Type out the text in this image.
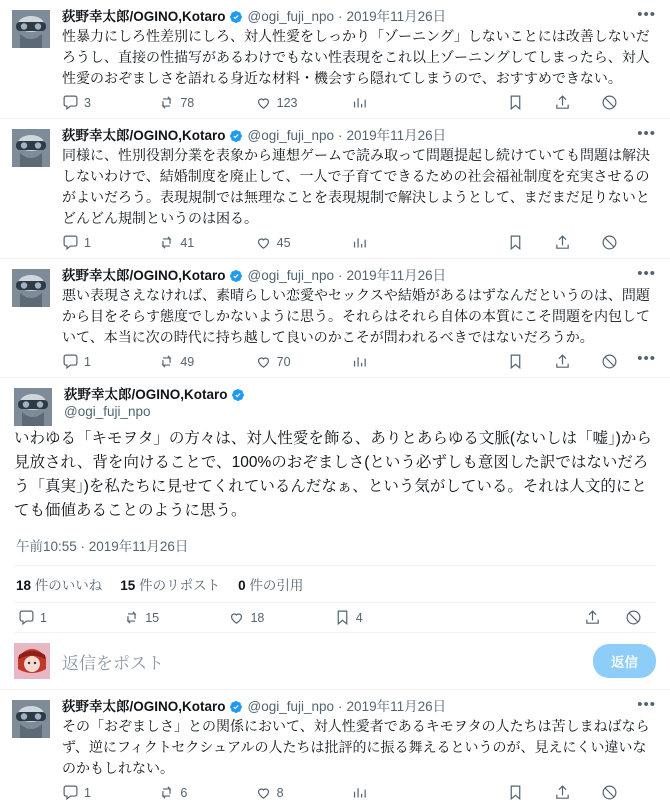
•••
荻野幸太郎/OGINO,Kotaro @ogi_fuji_npo · 2019年11月26日
性暴力にしろ性差別にしろ、対人性愛をしっかり「ゾーニング」しないことには改善しないだろうし、直接の性描写があるわけでもない性表現をこれ以上ゾーニングしてしまったら、対人性愛のおぞましさを語れる身近な材料・機会すら隠れてしまうので、おすすめできない。
3	78	123
•••
荻野幸太郎/OGINO,Kotaro @ogi_fuji_npo · 2019年11月26日
同様に、性別役割分業を表象から連想ゲームで読み取って問題提起し続けていても問題は解決しないわけで、結婚制度を廃止して、一人で子育てできるための社会福祉制度を充実させるのがよいだろう。表現規制では無理なことを表現規制で解決しようとして、まだまだ足りないとどんどん規制というのは困る。
1	41	45
•••
荻野幸太郎/OGINO,Kotaro @ogi_fuji_npo · 2019年11月26日
悪い表現さえなければ、素晴らしい恋愛やセックスや結婚があるはずなんだというのは、問題から目をそらす態度でしかないように思う。それらはそれら自体の本質にこそ問題を内包していて、本当に次の時代に持ち越して良いのかこそが問われるべきではないだろうか。
1	49	70	•••
荻野幸太郎/OGINO,Kotaro
@ogi_fuji_npo
いわゆる「キモヲタ」の方々は、対人性愛を飾る、ありとあらゆる文脈(ないしは「嘘」)から見放され、背を向けることで、100%のおぞましさ(という必ずしも意図した訳ではないだろう「真実」)を私たちに見せてくれているんだなぁ、という気がしている。それは人文的にとても価値あることのように思う。
午前10:55 · 2019年11月26日
18 件のいいね 15 件のリポスト 0 件の引用
1	15	18	4
返信をポスト	返信
•••
荻野幸太郎/OGINO,Kotaro @ogi_fuji_npo · 2019年11月26日
その「おぞましさ」との関係において、対人性愛者であるキモヲタの人たちは苦しまねばならず、逆にフィクトセクシュアルの人たちは批評的に振る舞えるというのが、見えにくい違いなのかもしれない。
1	6	8
